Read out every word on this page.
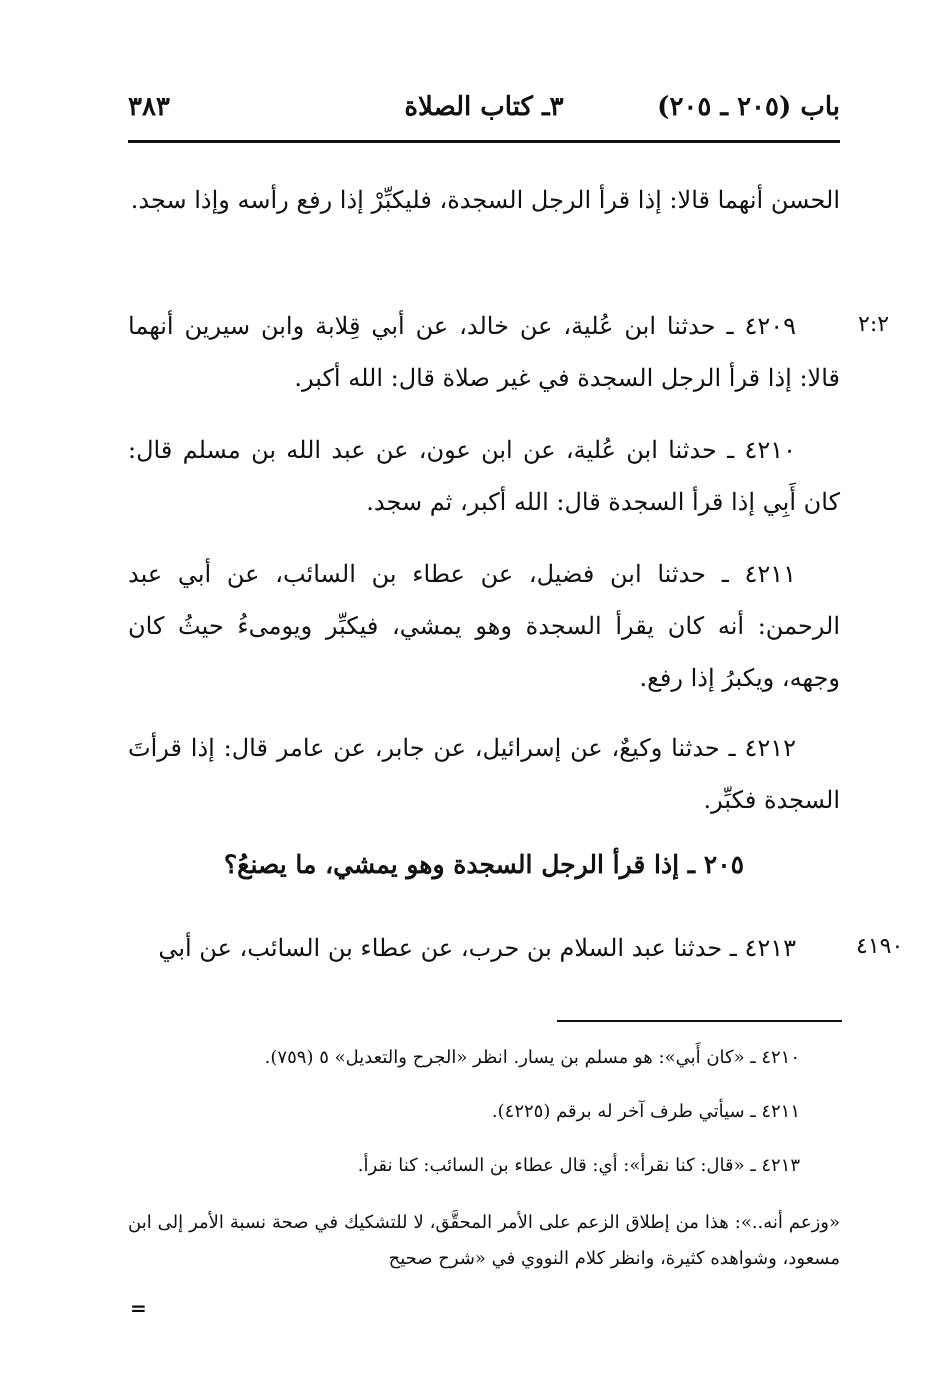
باب (٢٠٥ ـ ٢٠٥)
٣ـ كتاب الصلاة
٣٨٣

الحسن أنهما قالا: إذا قرأ الرجل السجدة، فليكبِّرْ إذا رفع رأسه وإذا سجد.

٢:٢

٤٢٠٩ ـ حدثنا ابن عُلية، عن خالد، عن أبي قِلابة وابن سيرين أنهما قالا: إذا قرأ الرجل السجدة في غير صلاة قال: الله أكبر.

٤٢١٠ ـ حدثنا ابن عُلية، عن ابن عون، عن عبد الله بن مسلم قال: كان أَبِي إذا قرأ السجدة قال: الله أكبر، ثم سجد.

٤٢١١ ـ حدثنا ابن فضيل، عن عطاء بن السائب، عن أبي عبد الرحمن: أنه كان يقرأ السجدة وهو يمشي، فيكبِّر ويومىءُ حيثُ كان وجهه، ويكبرُ إذا رفع.

٤٢١٢ ـ حدثنا وكيعٌ، عن إسرائيل، عن جابر، عن عامر قال: إذا قرأتَ السجدة فكبِّر.

٢٠٥ ـ إذا قرأ الرجل السجدة وهو يمشي، ما يصنعُ؟
٤١٩٠

٤٢١٣ ـ حدثنا عبد السلام بن حرب، عن عطاء بن السائب، عن أبي

٤٢١٠ ـ «كان أَبي»: هو مسلم بن يسار. انظر «الجرح والتعديل» ٥ (٧٥٩).

٤٢١١ ـ سيأتي طرف آخر له برقم (٤٢٢٥).

٤٢١٣ ـ «قال: كنا نقرأ»: أي: قال عطاء بن السائب: كنا نقرأ.

«وزعم أنه..»: هذا من إطلاق الزعم على الأمر المحقَّق، لا للتشكيك في صحة نسبة الأمر إلى ابن مسعود، وشواهده كثيرة، وانظر كلام النووي في «شرح صحيح

=
